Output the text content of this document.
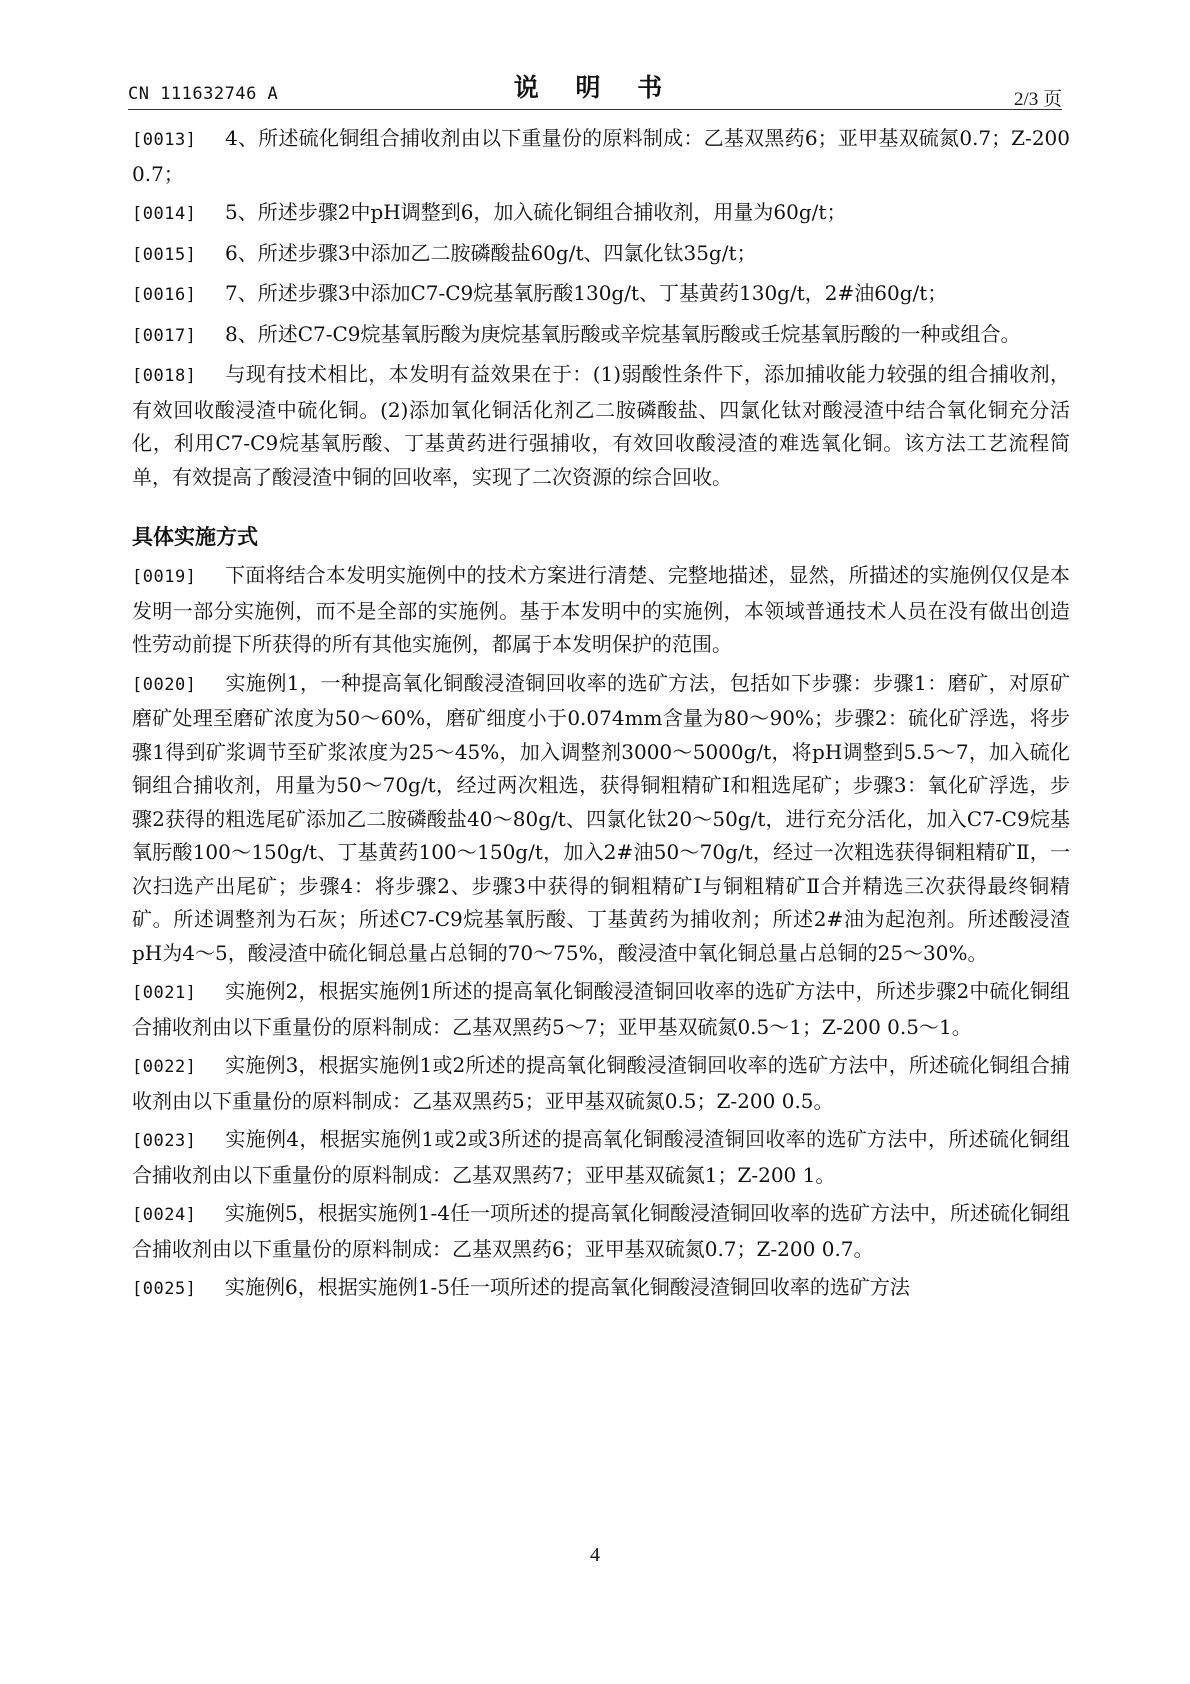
CN 111632746 A	说 明 书	2/3 页

[0013] 4、所述硫化铜组合捕收剂由以下重量份的原料制成：乙基双黑药6；亚甲基双硫氮0.7；Z-200 0.7；

[0014] 5、所述步骤2中pH调整到6，加入硫化铜组合捕收剂，用量为60g/t；

[0015] 6、所述步骤3中添加乙二胺磷酸盐60g/t、四氯化钛35g/t；

[0016] 7、所述步骤3中添加C7-C9烷基氧肟酸130g/t、丁基黄药130g/t，2#油60g/t；

[0017] 8、所述C7-C9烷基氧肟酸为庚烷基氧肟酸或辛烷基氧肟酸或壬烷基氧肟酸的一种或组合。

[0018] 与现有技术相比，本发明有益效果在于：(1)弱酸性条件下，添加捕收能力较强的组合捕收剂，有效回收酸浸渣中硫化铜。(2)添加氧化铜活化剂乙二胺磷酸盐、四氯化钛对酸浸渣中结合氧化铜充分活化，利用C7-C9烷基氧肟酸、丁基黄药进行强捕收，有效回收酸浸渣的难选氧化铜。该方法工艺流程简单，有效提高了酸浸渣中铜的回收率，实现了二次资源的综合回收。

具体实施方式

[0019] 下面将结合本发明实施例中的技术方案进行清楚、完整地描述，显然，所描述的实施例仅仅是本发明一部分实施例，而不是全部的实施例。基于本发明中的实施例，本领域普通技术人员在没有做出创造性劳动前提下所获得的所有其他实施例，都属于本发明保护的范围。

[0020] 实施例1，一种提高氧化铜酸浸渣铜回收率的选矿方法，包括如下步骤：步骤1：磨矿，对原矿磨矿处理至磨矿浓度为50～60%，磨矿细度小于0.074mm含量为80～90%；步骤2：硫化矿浮选，将步骤1得到矿浆调节至矿浆浓度为25～45%，加入调整剂3000～5000g/t，将pH调整到5.5～7，加入硫化铜组合捕收剂，用量为50～70g/t，经过两次粗选，获得铜粗精矿Ⅰ和粗选尾矿；步骤3：氧化矿浮选，步骤2获得的粗选尾矿添加乙二胺磷酸盐40～80g/t、四氯化钛20～50g/t，进行充分活化，加入C7-C9烷基氧肟酸100～150g/t、丁基黄药100～150g/t，加入2#油50～70g/t，经过一次粗选获得铜粗精矿Ⅱ，一次扫选产出尾矿；步骤4：将步骤2、步骤3中获得的铜粗精矿Ⅰ与铜粗精矿Ⅱ合并精选三次获得最终铜精矿。所述调整剂为石灰；所述C7-C9烷基氧肟酸、丁基黄药为捕收剂；所述2#油为起泡剂。所述酸浸渣pH为4～5，酸浸渣中硫化铜总量占总铜的70～75%，酸浸渣中氧化铜总量占总铜的25～30%。

[0021] 实施例2，根据实施例1所述的提高氧化铜酸浸渣铜回收率的选矿方法中，所述步骤2中硫化铜组合捕收剂由以下重量份的原料制成：乙基双黑药5～7；亚甲基双硫氮0.5～1；Z-200 0.5～1。

[0022] 实施例3，根据实施例1或2所述的提高氧化铜酸浸渣铜回收率的选矿方法中，所述硫化铜组合捕收剂由以下重量份的原料制成：乙基双黑药5；亚甲基双硫氮0.5；Z-200 0.5。

[0023] 实施例4，根据实施例1或2或3所述的提高氧化铜酸浸渣铜回收率的选矿方法中，所述硫化铜组合捕收剂由以下重量份的原料制成：乙基双黑药7；亚甲基双硫氮1；Z-200 1。

[0024] 实施例5，根据实施例1-4任一项所述的提高氧化铜酸浸渣铜回收率的选矿方法中，所述硫化铜组合捕收剂由以下重量份的原料制成：乙基双黑药6；亚甲基双硫氮0.7；Z-200 0.7。

[0025] 实施例6，根据实施例1-5任一项所述的提高氧化铜酸浸渣铜回收率的选矿方法

4
